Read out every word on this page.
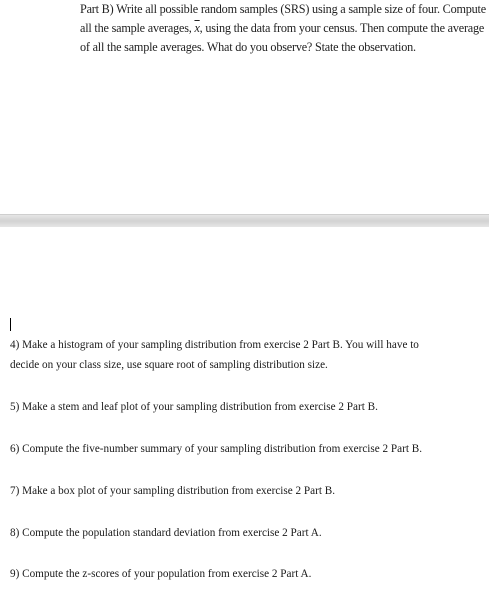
Part B) Write all possible random samples (SRS) using a sample size of four. Compute
all the sample averages, $\overline{x}$, using the data from your census. Then compute the average
of all the sample averages. What do you observe? State the observation.
4) Make a histogram of your sampling distribution from exercise 2 Part B. You will have to
decide on your class size, use square root of sampling distribution size.
5) Make a stem and leaf plot of your sampling distribution from exercise 2 Part B.
6) Compute the five-number summary of your sampling distribution from exercise 2 Part B.
7) Make a box plot of your sampling distribution from exercise 2 Part B.
8) Compute the population standard deviation from exercise 2 Part A.
9) Compute the z-scores of your population from exercise 2 Part A.
